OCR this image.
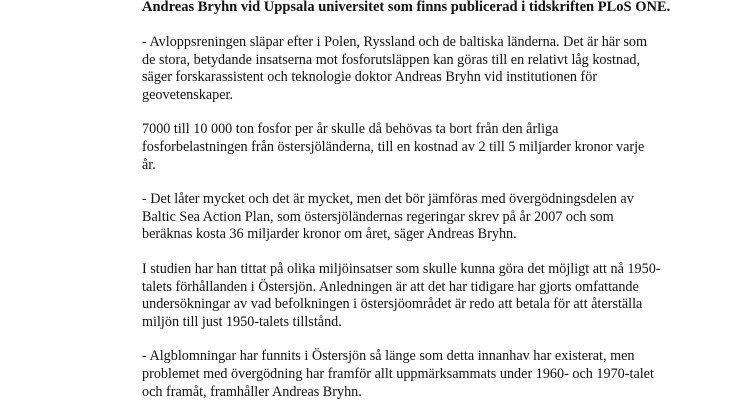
Andreas Bryhn vid Uppsala universitet som finns publicerad i tidskriften PLoS ONE.

- Avloppsreningen släpar efter i Polen, Ryssland och de baltiska länderna. Det är här som
de stora, betydande insatserna mot fosforutsläppen kan göras till en relativt låg kostnad,
säger forskarassistent och teknologie doktor Andreas Bryhn vid institutionen för
geovetenskaper.

7000 till 10 000 ton fosfor per år skulle då behövas ta bort från den årliga
fosforbelastningen från östersjöländerna, till en kostnad av 2 till 5 miljarder kronor varje
år.

- Det låter mycket och det är mycket, men det bör jämföras med övergödningsdelen av
Baltic Sea Action Plan, som östersjöländernas regeringar skrev på år 2007 och som
beräknas kosta 36 miljarder kronor om året, säger Andreas Bryhn.

I studien har han tittat på olika miljöinsatser som skulle kunna göra det möjligt att nå 1950-
talets förhållanden i Östersjön. Anledningen är att det har tidigare har gjorts omfattande
undersökningar av vad befolkningen i östersjöområdet är redo att betala för att återställa
miljön till just 1950-talets tillstånd.

- Algblomningar har funnits i Östersjön så länge som detta innanhav har existerat, men
problemet med övergödning har framför allt uppmärksammats under 1960- och 1970-talet
och framåt, framhåller Andreas Bryhn.
